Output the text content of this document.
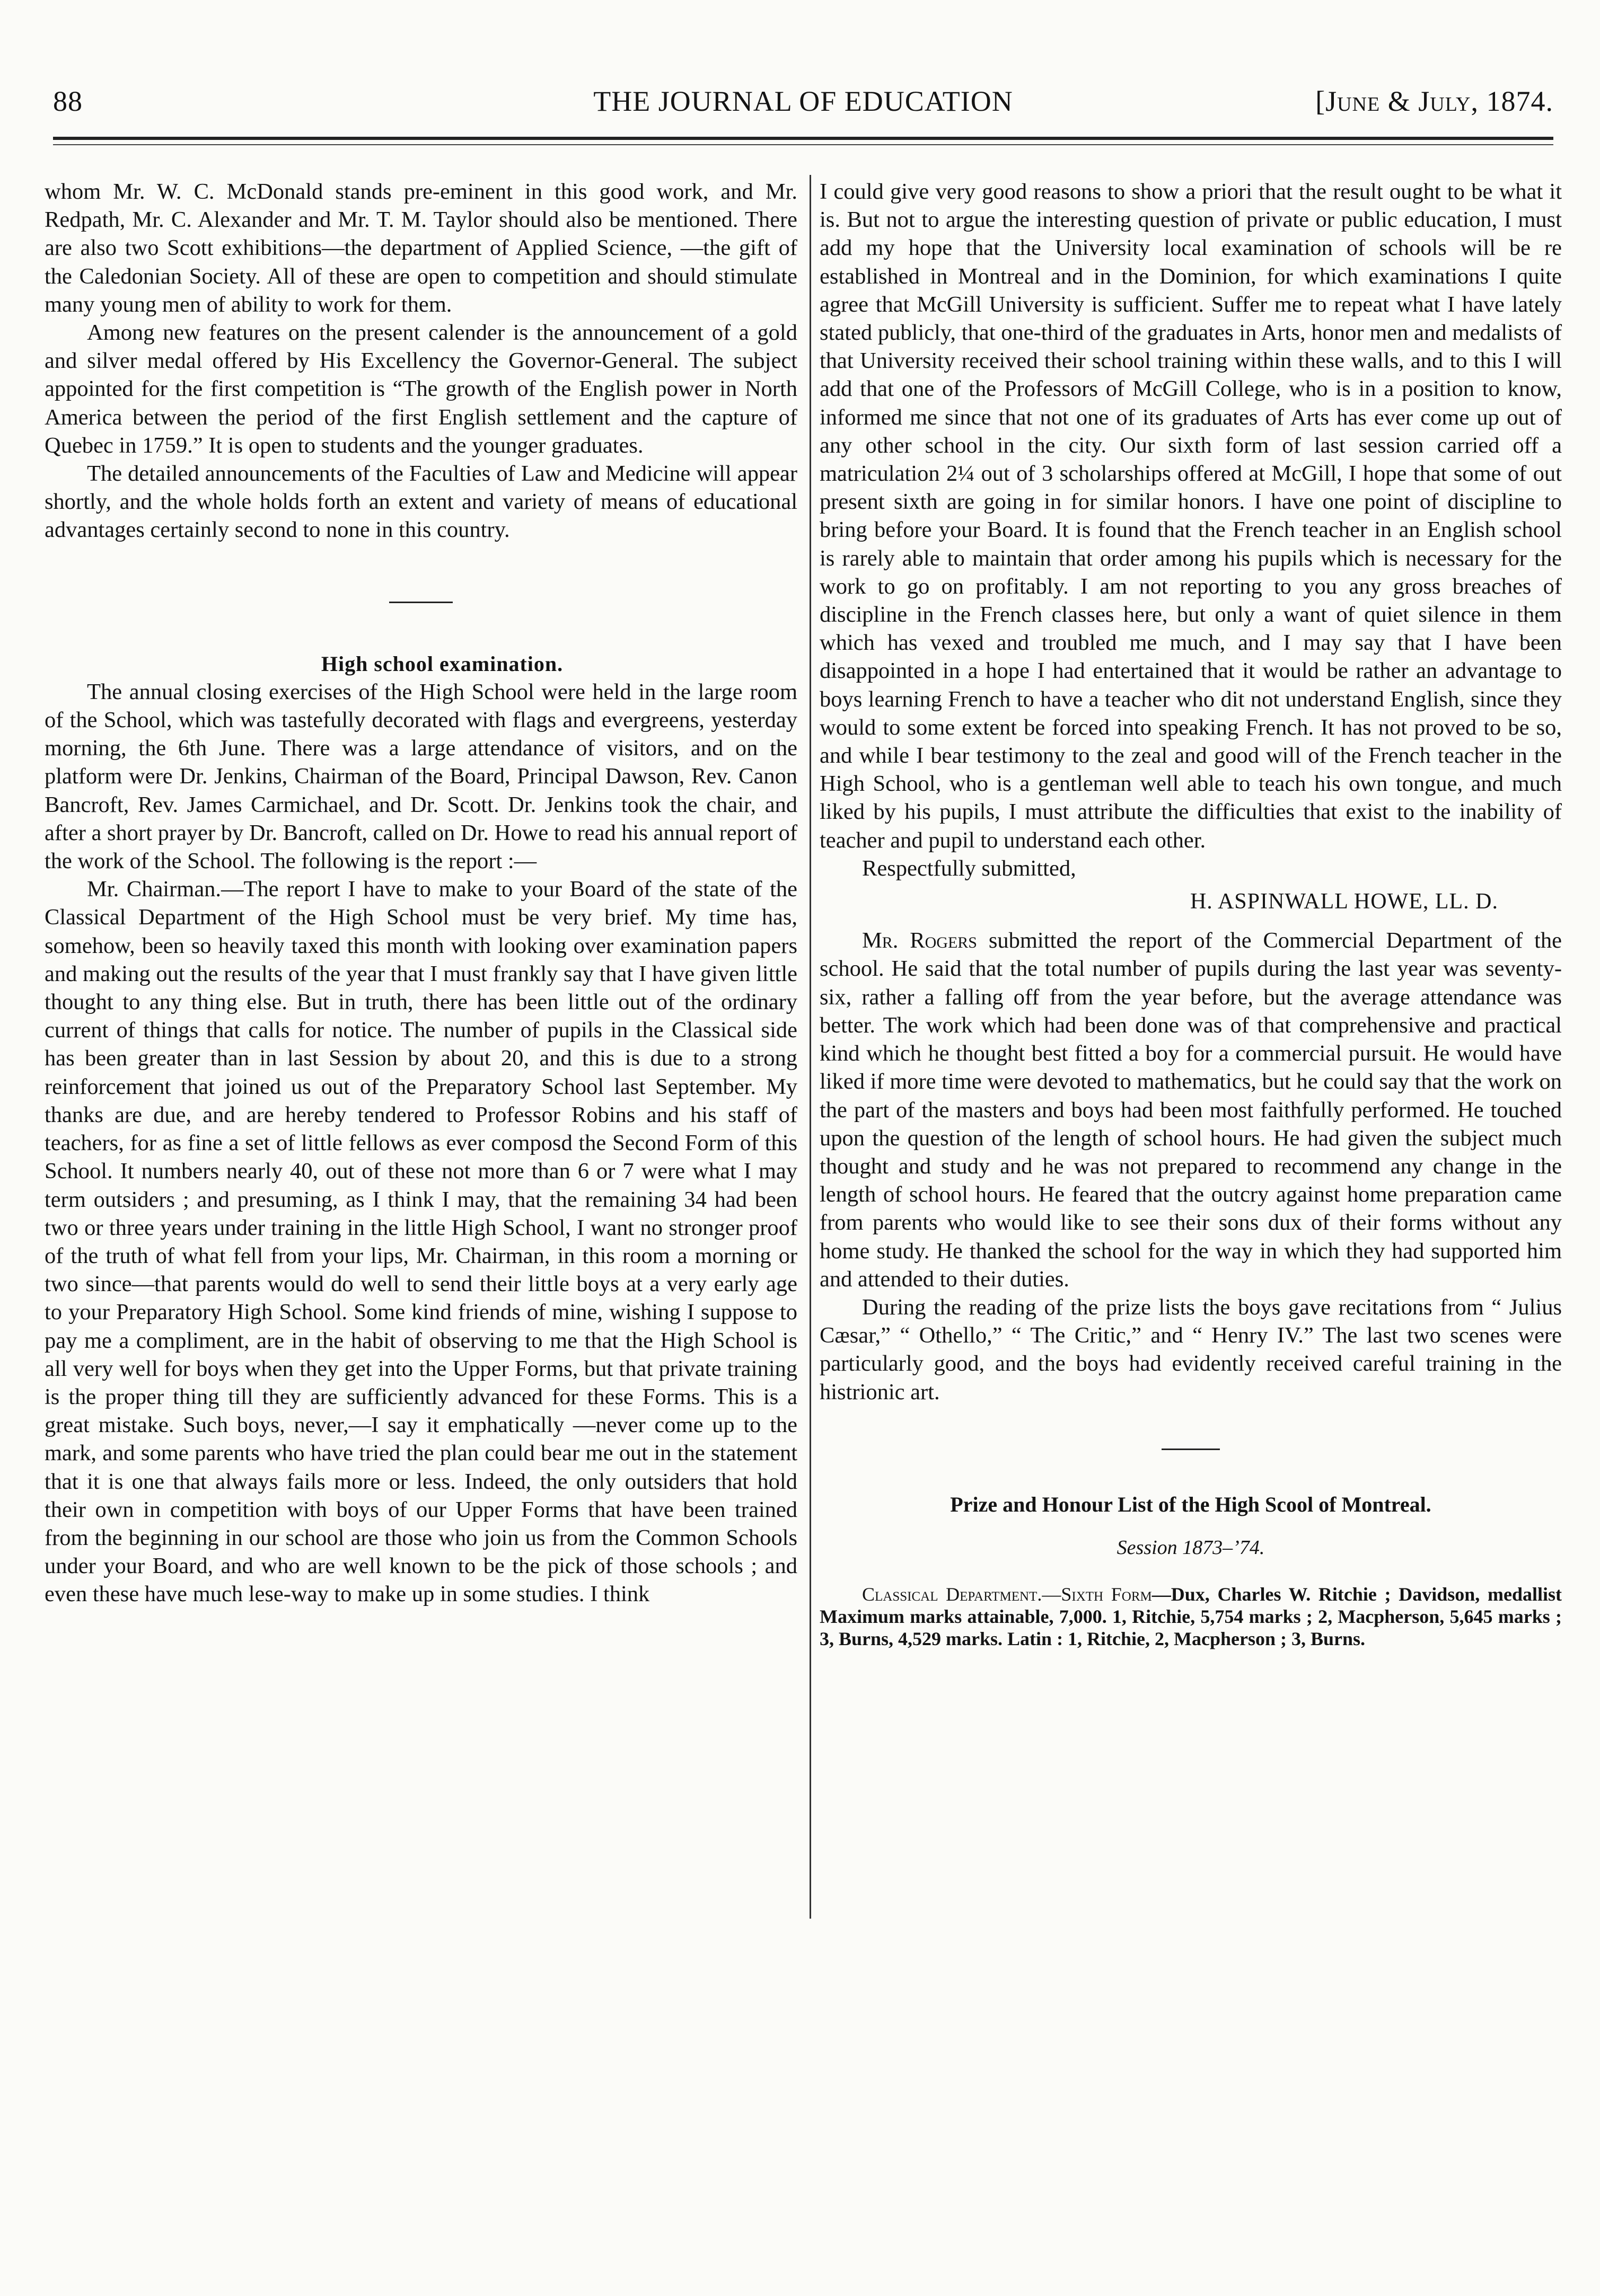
88	THE JOURNAL OF EDUCATION	[June & July, 1874.

whom Mr. W. C. McDonald stands pre-eminent in this good work, and Mr. Redpath, Mr. C. Alexander and Mr. T. M. Taylor should also be mentioned. There are also two Scott exhibitions—the department of Applied Science, —the gift of the Caledonian Society. All of these are open to competition and should stimulate many young men of ability to work for them.

Among new features on the present calender is the announcement of a gold and silver medal offered by His Excellency the Governor-General. The subject appointed for the first competition is “The growth of the English power in North America between the period of the first English settlement and the capture of Quebec in 1759.” It is open to students and the younger graduates.

The detailed announcements of the Faculties of Law and Medicine will appear shortly, and the whole holds forth an extent and variety of means of educational advantages certainly second to none in this country.

High school examination.

The annual closing exercises of the High School were held in the large room of the School, which was tastefully decorated with flags and evergreens, yesterday morning, the 6th June. There was a large attendance of visitors, and on the platform were Dr. Jenkins, Chairman of the Board, Principal Dawson, Rev. Canon Bancroft, Rev. James Carmichael, and Dr. Scott. Dr. Jenkins took the chair, and after a short prayer by Dr. Bancroft, called on Dr. Howe to read his annual report of the work of the School. The following is the report :—

Mr. Chairman.—The report I have to make to your Board of the state of the Classical Department of the High School must be very brief. My time has, somehow, been so heavily taxed this month with looking over examination papers and making out the results of the year that I must frankly say that I have given little thought to any thing else. But in truth, there has been little out of the ordinary current of things that calls for notice. The number of pupils in the Classical side has been greater than in last Session by about 20, and this is due to a strong reinforcement that joined us out of the Preparatory School last September. My thanks are due, and are hereby tendered to Professor Robins and his staff of teachers, for as fine a set of little fellows as ever composd the Second Form of this School. It numbers nearly 40, out of these not more than 6 or 7 were what I may term outsiders ; and presuming, as I think I may, that the remaining 34 had been two or three years under training in the little High School, I want no stronger proof of the truth of what fell from your lips, Mr. Chairman, in this room a morning or two since—that parents would do well to send their little boys at a very early age to your Preparatory High School. Some kind friends of mine, wishing I suppose to pay me a compliment, are in the habit of observing to me that the High School is all very well for boys when they get into the Upper Forms, but that private training is the proper thing till they are sufficiently advanced for these Forms. This is a great mistake. Such boys, never,—I say it emphatically —never come up to the mark, and some parents who have tried the plan could bear me out in the statement that it is one that always fails more or less. Indeed, the only outsiders that hold their own in competition with boys of our Upper Forms that have been trained from the beginning in our school are those who join us from the Common Schools under your Board, and who are well known to be the pick of those schools ; and even these have much lese-way to make up in some studies. I think

I could give very good reasons to show a priori that the result ought to be what it is. But not to argue the interesting question of private or public education, I must add my hope that the University local examination of schools will be re established in Montreal and in the Dominion, for which examinations I quite agree that McGill University is sufficient. Suffer me to repeat what I have lately stated publicly, that one-third of the graduates in Arts, honor men and medalists of that University received their school training within these walls, and to this I will add that one of the Professors of McGill College, who is in a position to know, informed me since that not one of its graduates of Arts has ever come up out of any other school in the city. Our sixth form of last session carried off a matriculation 2¼ out of 3 scholarships offered at McGill, I hope that some of out present sixth are going in for similar honors. I have one point of discipline to bring before your Board. It is found that the French teacher in an English school is rarely able to maintain that order among his pupils which is necessary for the work to go on profitably. I am not reporting to you any gross breaches of discipline in the French classes here, but only a want of quiet silence in them which has vexed and troubled me much, and I may say that I have been disappointed in a hope I had entertained that it would be rather an advantage to boys learning French to have a teacher who dit not understand English, since they would to some extent be forced into speaking French. It has not proved to be so, and while I bear testimony to the zeal and good will of the French teacher in the High School, who is a gentleman well able to teach his own tongue, and much liked by his pupils, I must attribute the difficulties that exist to the inability of teacher and pupil to understand each other.

Respectfully submitted,

H. ASPINWALL HOWE, LL. D.

Mr. Rogers submitted the report of the Commercial Department of the school. He said that the total number of pupils during the last year was seventy-six, rather a falling off from the year before, but the average attendance was better. The work which had been done was of that comprehensive and practical kind which he thought best fitted a boy for a commercial pursuit. He would have liked if more time were devoted to mathematics, but he could say that the work on the part of the masters and boys had been most faithfully performed. He touched upon the question of the length of school hours. He had given the subject much thought and study and he was not prepared to recommend any change in the length of school hours. He feared that the outcry against home preparation came from parents who would like to see their sons dux of their forms without any home study. He thanked the school for the way in which they had supported him and attended to their duties.

During the reading of the prize lists the boys gave recitations from “ Julius Cæsar,” “ Othello,” “ The Critic,” and “ Henry IV.” The last two scenes were particularly good, and the boys had evidently received careful training in the histrionic art.

Prize and Honour List of the High Scool of Montreal.
Session 1873–’74.

Classical Department.—Sixth Form—Dux, Charles W. Ritchie ; Davidson, medallist Maximum marks attainable, 7,000. 1, Ritchie, 5,754 marks ; 2, Macpherson, 5,645 marks ; 3, Burns, 4,529 marks. Latin : 1, Ritchie, 2, Macpherson ; 3, Burns.
